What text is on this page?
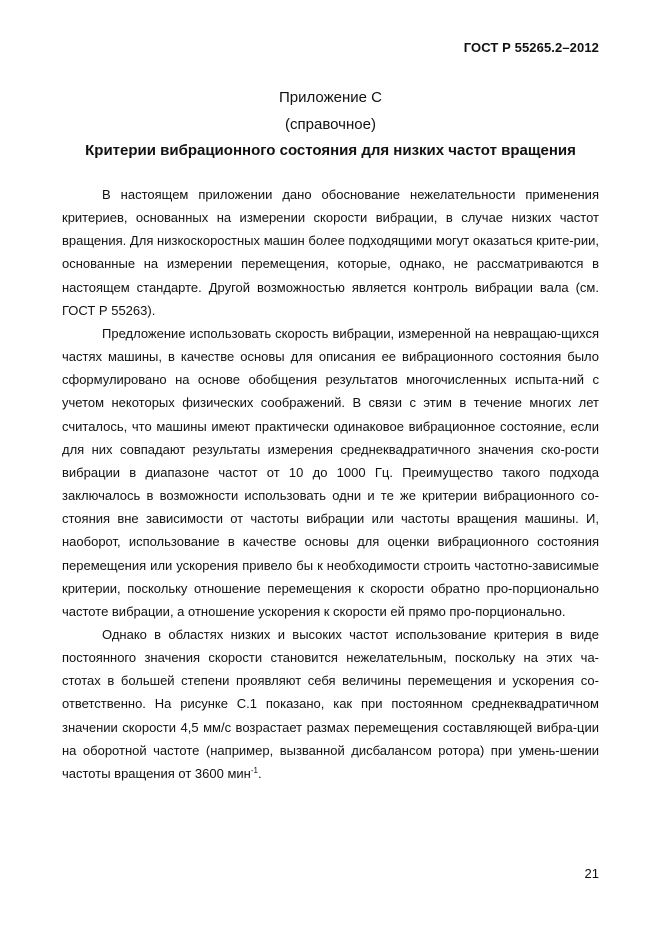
ГОСТ Р 55265.2–2012
Приложение С
(справочное)
Критерии вибрационного состояния для низких частот вращения

В настоящем приложении дано обоснование нежелательности применения критериев, основанных на измерении скорости вибрации, в случае низких частот вращения. Для низкоскоростных машин более подходящими могут оказаться крите-рии, основанные на измерении перемещения, которые, однако, не рассматриваются в настоящем стандарте. Другой возможностью является контроль вибрации вала (см. ГОСТ Р 55263).

Предложение использовать скорость вибрации, измеренной на невращаю-щихся частях машины, в качестве основы для описания ее вибрационного состояния было сформулировано на основе обобщения результатов многочисленных испыта-ний с учетом некоторых физических соображений. В связи с этим в течение многих лет считалось, что машины имеют практически одинаковое вибрационное состояние, если для них совпадают результаты измерения среднеквадратичного значения ско-рости вибрации в диапазоне частот от 10 до 1000 Гц. Преимущество такого подхода заключалось в возможности использовать одни и те же критерии вибрационного со-стояния вне зависимости от частоты вибрации или частоты вращения машины. И, наоборот, использование в качестве основы для оценки вибрационного состояния перемещения или ускорения привело бы к необходимости строить частотно-зависимые критерии, поскольку отношение перемещения к скорости обратно про-порционально частоте вибрации, а отношение ускорения к скорости ей прямо про-порционально.

Однако в областях низких и высоких частот использование критерия в виде постоянного значения скорости становится нежелательным, поскольку на этих ча-стотах в большей степени проявляют себя величины перемещения и ускорения со-ответственно. На рисунке С.1 показано, как при постоянном среднеквадратичном значении скорости 4,5 мм/с возрастает размах перемещения составляющей вибра-ции на оборотной частоте (например, вызванной дисбалансом ротора) при умень-шении частоты вращения от 3600 мин$^{-1}$.

21
